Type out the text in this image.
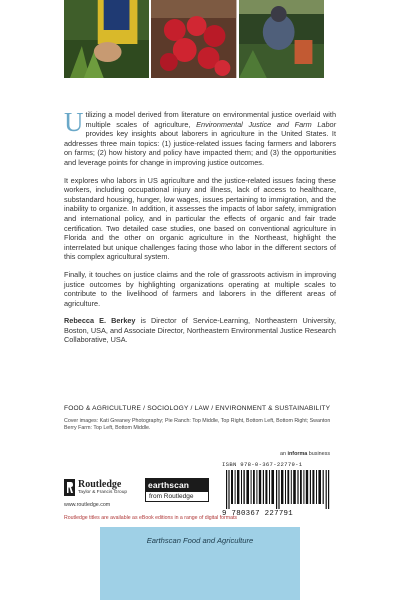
Utilizing a model derived from literature on environmental justice overlaid with multiple scales of agriculture, Environmental Justice and Farm Labor provides key insights about laborers in agriculture in the United States. It addresses three main topics: (1) justice-related issues facing farmers and laborers on farms; (2) how history and policy have impacted them; and (3) the opportunities and leverage points for change in improving justice outcomes.

It explores who labors in US agriculture and the justice-related issues facing these workers, including occupational injury and illness, lack of access to healthcare, substandard housing, hunger, low wages, issues pertaining to immigration, and the inability to organize. In addition, it assesses the impacts of labor safety, immigration and international policy, and in particular the effects of organic and fair trade certification. Two detailed case studies, one based on conventional agriculture in Florida and the other on organic agriculture in the Northeast, highlight the interrelated but unique challenges facing those who labor in the different sectors of this complex agricultural system.

Finally, it touches on justice claims and the role of grassroots activism in improving justice outcomes by highlighting organizations operating at multiple scales to contribute to the livelihood of farmers and laborers in the different areas of agriculture.

Rebecca E. Berkey is Director of Service-Learning, Northeastern University, Boston, USA, and Associate Director, Northeastern Environmental Justice Research Collaborative, USA.

FOOD & AGRICULTURE / SOCIOLOGY / LAW / ENVIRONMENT & SUSTAINABILITY
Cover images: Kati Greaney Photography; Pie Ranch: Top Middle, Top Right, Bottom Left, Bottom Right; Swanton Berry Farm: Top Left, Bottom Middle.
an informa business
Routledge
Taylor & Francis Group
www.routledge.com
earthscan
from Routledge
ISBN 978-0-367-22779-1
9 780367 227791
Routledge titles are available as eBook editions in a range of digital formats
Earthscan Food and Agriculture
